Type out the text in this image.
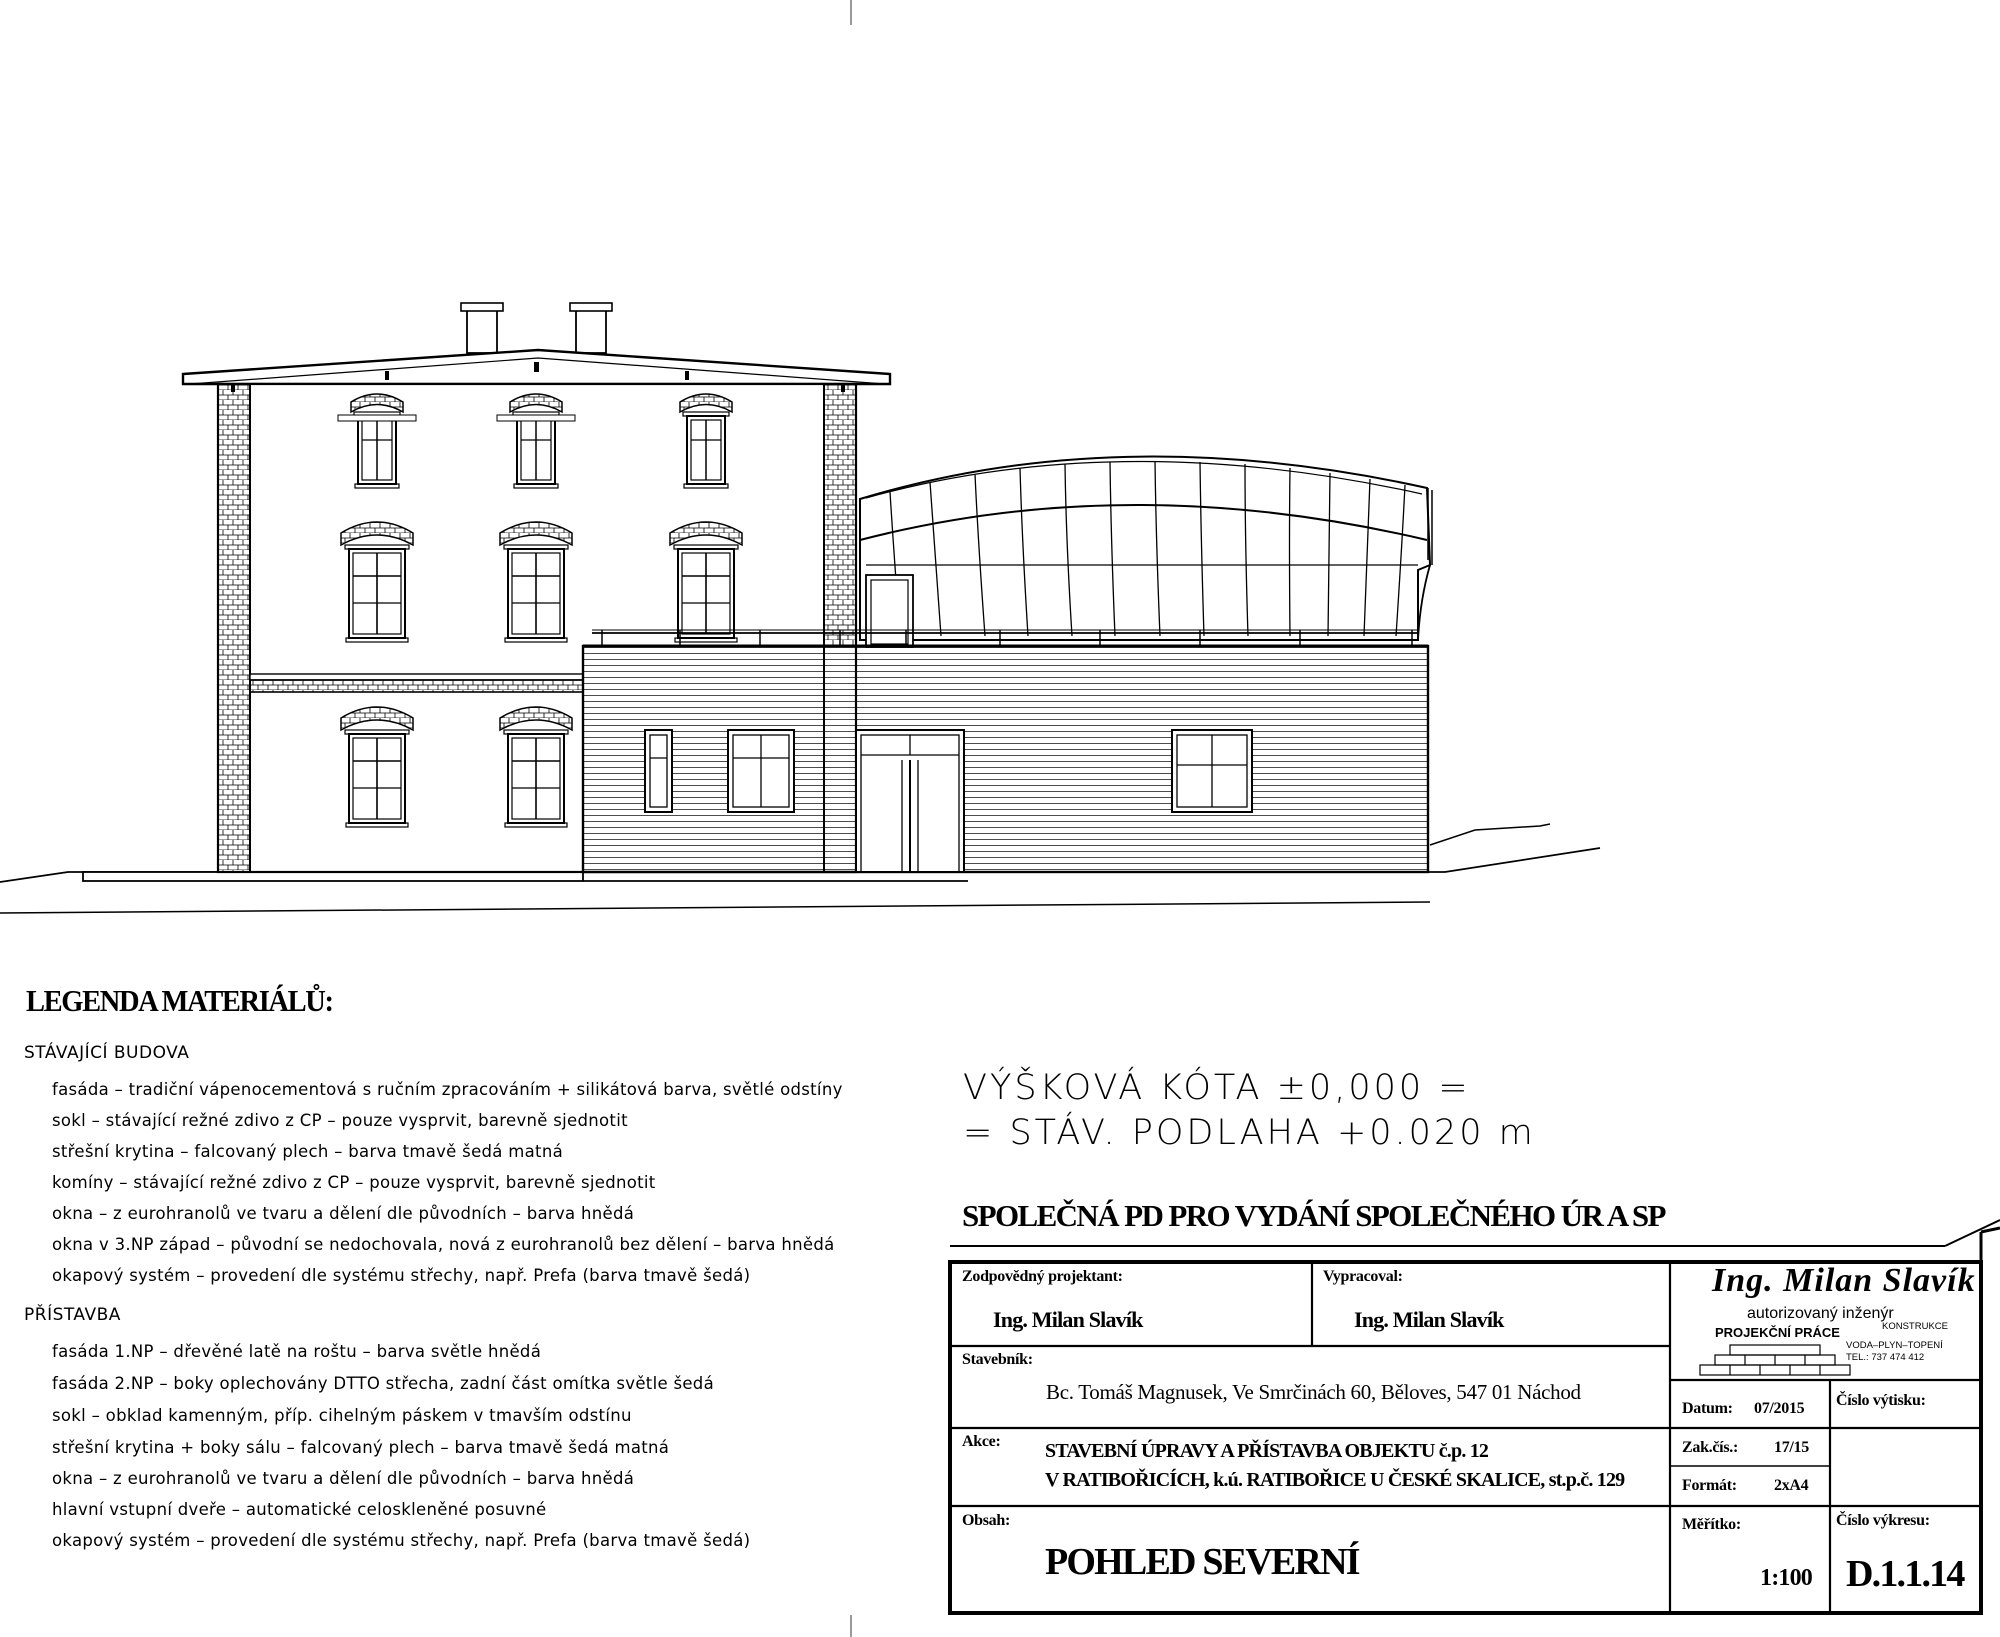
LEGENDA MATERIÁLŮ:
STÁVAJÍCÍ BUDOVA
fasáda – tradiční vápenocementová s ručním zpracováním + silikátová barva, světlé odstíny
sokl – stávající režné zdivo z CP – pouze vysprvit, barevně sjednotit
střešní krytina – falcovaný plech – barva tmavě šedá matná
komíny – stávající režné zdivo z CP – pouze vysprvit, barevně sjednotit
okna – z eurohranolů ve tvaru a dělení dle původních – barva hnědá
okna v 3.NP západ – původní se nedochovala, nová z eurohranolů bez dělení – barva hnědá
okapový systém – provedení dle systému střechy, např. Prefa (barva tmavě šedá)
PŘÍSTAVBA
fasáda 1.NP – dřevěné latě na roštu – barva světle hnědá
fasáda 2.NP – boky oplechovány DTTO střecha, zadní část omítka světle šedá
sokl – obklad kamenným, příp. cihelným páskem v tmavším odstínu
střešní krytina + boky sálu – falcovaný plech – barva tmavě šedá matná
okna – z eurohranolů ve tvaru a dělení dle původních – barva hnědá
hlavní vstupní dveře – automatické celoskleněné posuvné
okapový systém – provedení dle systému střechy, např. Prefa (barva tmavě šedá)
VÝŠKOVÁ KÓTA ±0,000 =
= STÁV. PODLAHA +0.020 m
SPOLEČNÁ PD PRO VYDÁNÍ SPOLEČNÉHO ÚR A SP
Zodpovědný projektant:
Ing. Milan Slavík
Vypracoval:
Ing. Milan Slavík
Stavebník:
Bc. Tomáš Magnusek, Ve Smrčinách 60, Běloves, 547 01 Náchod
Akce: STAVEBNÍ ÚPRAVY A PŘÍSTAVBA OBJEKTU č.p. 12
V RATIBOŘICÍCH, k.ú. RATIBOŘICE U ČESKÉ SKALICE, st.p.č. 129
Obsah:
POHLED SEVERNÍ
Datum: 07/2015
Zak.čís.: 17/15
Formát: 2xA4
Měřítko:
1:100
Číslo výtisku:
Číslo výkresu:
D.1.1.14
Ing. Milan Slavík
autorizovaný inženýr
PROJEKČNÍ PRÁCE	KONSTRUKCE
VODA–PLYN–TOPENÍ
TEL.: 737 474 412
